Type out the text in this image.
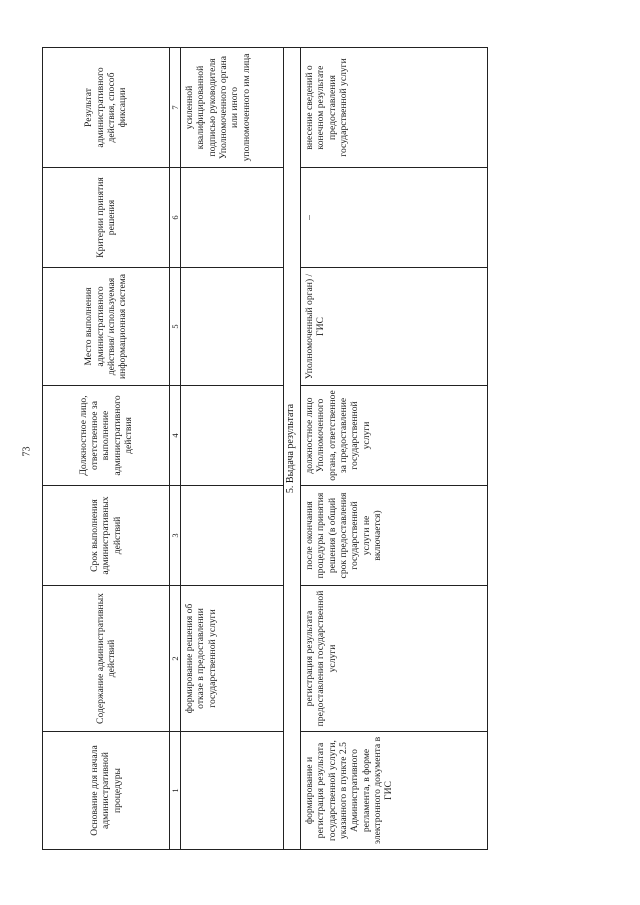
73
Основание для начала административной процедуры	Содержание административных действий	Срок выполнения административных действий	Должностное лицо, ответственное за выполнение административного действия	Место выполнения административного действия/ используемая информационная система	Критерии принятия решения	Результат административного действия, способ фиксации
1	2	3	4	5	6	7
	формирование решения об отказе в предоставлении государственной услуги					усиленной квалифицированной подписью руководителя Уполномоченного органа или иного уполномоченного им лица
5. Выдача результата						
формирование и регистрация результата государственной услуги, указанного в пункте 2.5 Административного регламента, в форме электронного документа в ГИС	регистрация результата предоставления государственной услуги	после окончания процедуры принятия решения (в общий срок предоставления государственной услуги не включается)	должностное лицо Уполномоченного органа, ответственное за предоставление государственной услуги	Уполномоченный орган) / ГИС	–	внесение сведений о конечном результате предоставления государственной услуги
